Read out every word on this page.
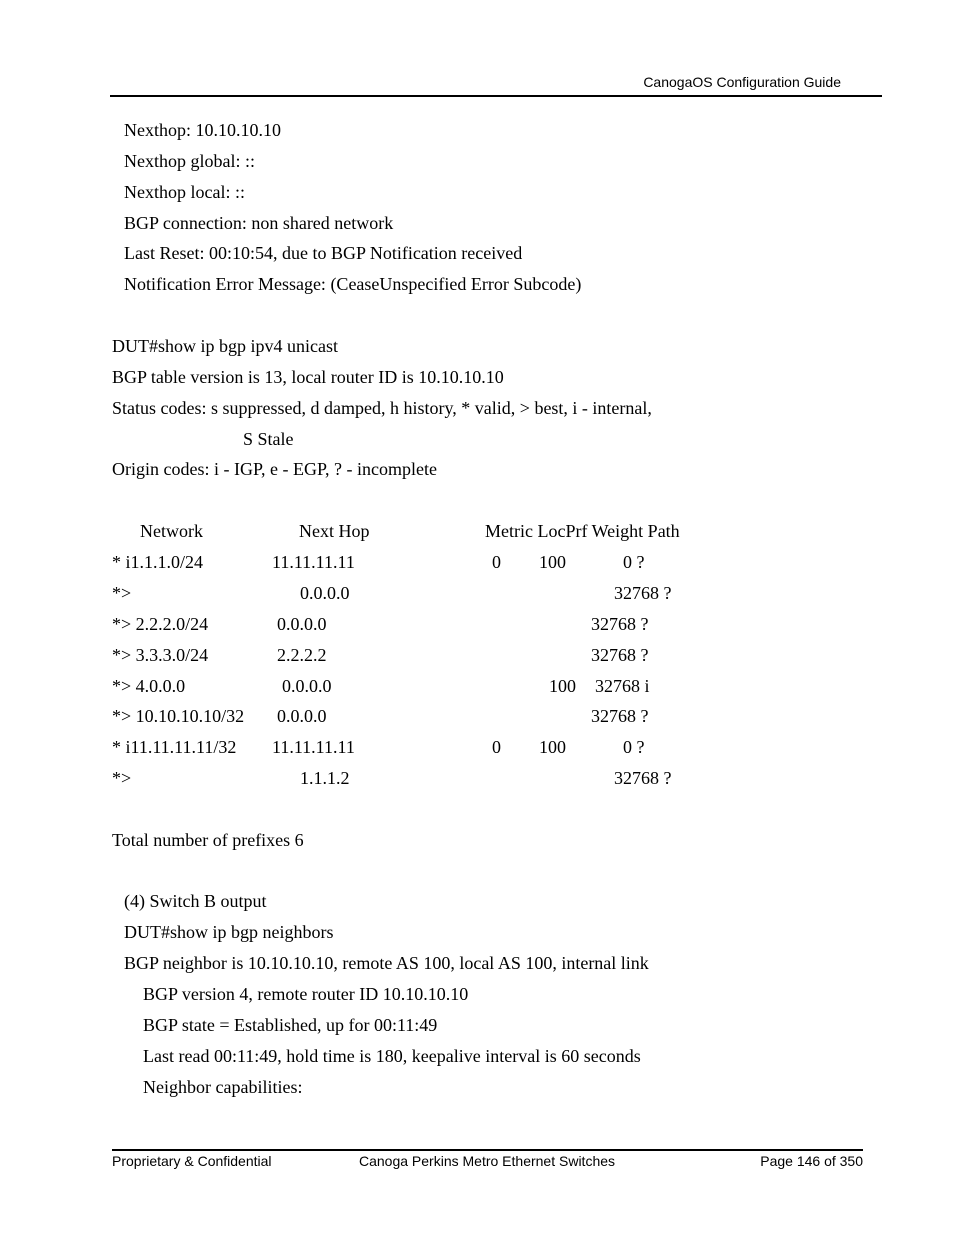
CanogaOS Configuration Guide
Nexthop: 10.10.10.10
Nexthop global: ::
Nexthop local: ::
BGP connection: non shared network
Last Reset: 00:10:54, due to BGP Notification received
Notification Error Message: (CeaseUnspecified Error Subcode)
DUT#show ip bgp ipv4 unicast
BGP table version is 13, local router ID is 10.10.10.10
Status codes: s suppressed, d damped, h history, * valid, > best, i - internal,
S Stale
Origin codes: i - IGP, e - EGP, ? - incomplete
Network	Next Hop	Metric LocPrf Weight Path
* i1.1.1.0/24	11.11.11.11	0 100	0 ?
*>	0.0.0.0	32768 ?
*> 2.2.2.0/24	0.0.0.0	32768 ?
*> 3.3.3.0/24	2.2.2.2	32768 ?
*> 4.0.0.0	0.0.0.0	100 32768 i
*> 10.10.10.10/32 0.0.0.0	32768 ?
* i11.11.11.11/32 11.11.11.11	0 100	0 ?
*>	1.1.1.2	32768 ?
Total number of prefixes 6
(4) Switch B output
DUT#show ip bgp neighbors
BGP neighbor is 10.10.10.10, remote AS 100, local AS 100, internal link
BGP version 4, remote router ID 10.10.10.10
BGP state = Established, up for 00:11:49
Last read 00:11:49, hold time is 180, keepalive interval is 60 seconds
Neighbor capabilities:
Proprietary & Confidential	Canoga Perkins Metro Ethernet Switches	Page 146 of 350
